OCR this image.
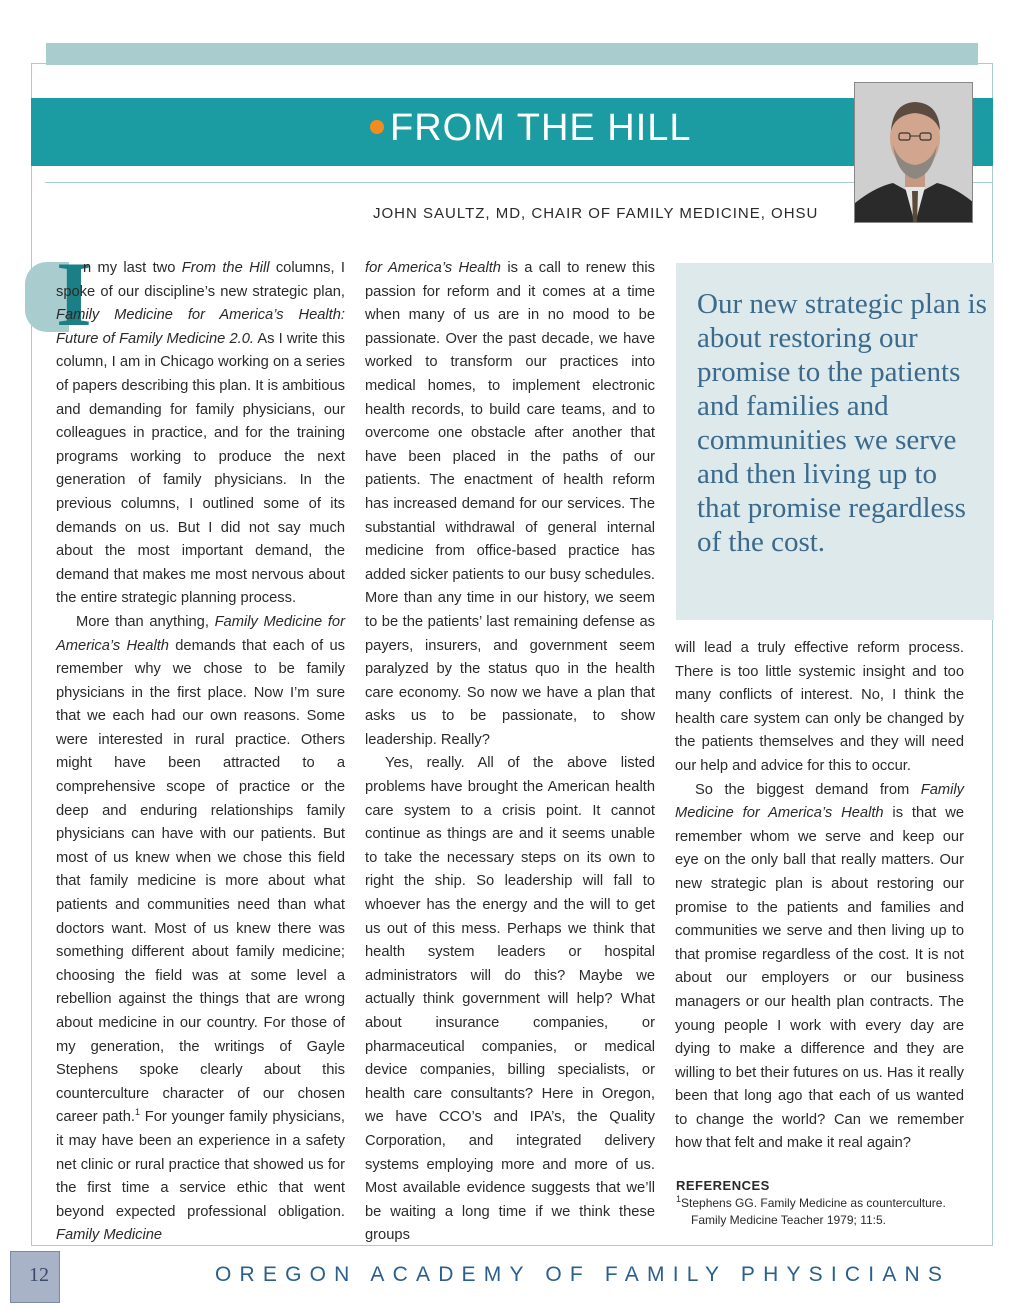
FROM THE HILL
JOHN SAULTZ, MD, CHAIR OF FAMILY MEDICINE, OHSU
I

n my last two From the Hill columns, I spoke of our discipline’s new strategic plan, Family Medicine for America’s Health: Future of Family Medicine 2.0. As I write this column, I am in Chicago working on a series of papers describing this plan. It is ambitious and demanding for family physicians, our colleagues in practice, and for the training programs working to produce the next generation of family physicians. In the previous columns, I outlined some of its demands on us. But I did not say much about the most important demand, the demand that makes me most nervous about the entire strategic planning process.

More than anything, Family Medicine for America’s Health demands that each of us remember why we chose to be family physicians in the first place. Now I’m sure that we each had our own reasons. Some were interested in rural practice. Others might have been attracted to a comprehensive scope of practice or the deep and enduring relationships family physicians can have with our patients. But most of us knew when we chose this field that family medicine is more about what patients and communities need than what doctors want. Most of us knew there was something different about family medicine; choosing the field was at some level a rebellion against the things that are wrong about medicine in our country. For those of my generation, the writings of Gayle Stephens spoke clearly about this counterculture character of our chosen career path.$^1$ For younger family physicians, it may have been an experience in a safety net clinic or rural practice that showed us for the first time a service ethic that went beyond expected professional obligation. Family Medicine

for America’s Health is a call to renew this passion for reform and it comes at a time when many of us are in no mood to be passionate. Over the past decade, we have worked to transform our practices into medical homes, to implement electronic health records, to build care teams, and to overcome one obstacle after another that have been placed in the paths of our patients. The enactment of health reform has increased demand for our services. The substantial withdrawal of general internal medicine from office-based practice has added sicker patients to our busy schedules. More than any time in our history, we seem to be the patients’ last remaining defense as payers, insurers, and government seem paralyzed by the status quo in the health care economy. So now we have a plan that asks us to be passionate, to show leadership. Really?

Yes, really. All of the above listed problems have brought the American health care system to a crisis point. It cannot continue as things are and it seems unable to take the necessary steps on its own to right the ship. So leadership will fall to whoever has the energy and the will to get us out of this mess. Perhaps we think that health system leaders or hospital administrators will do this? Maybe we actually think government will help? What about insurance companies, or pharmaceutical companies, or medical device companies, billing specialists, or health care consultants? Here in Oregon, we have CCO’s and IPA’s, the Quality Corporation, and integrated delivery systems employing more and more of us. Most available evidence suggests that we’ll be waiting a long time if we think these groups

Our new strategic plan is about restoring our promise to the patients and families and communities we serve and then living up to that promise regardless of the cost.

will lead a truly effective reform process. There is too little systemic insight and too many conflicts of interest. No, I think the health care system can only be changed by the patients themselves and they will need our help and advice for this to occur.

So the biggest demand from Family Medicine for America’s Health is that we remember whom we serve and keep our eye on the only ball that really matters. Our new strategic plan is about restoring our promise to the patients and families and communities we serve and then living up to that promise regardless of the cost. It is not about our employers or our business managers or our health plan contracts. The young people I work with every day are dying to make a difference and they are willing to bet their futures on us. Has it really been that long ago that each of us wanted to change the world? Can we remember how that felt and make it real again?

REFERENCES
$^1$Stephens GG. Family Medicine as counterculture.
Family Medicine Teacher 1979; 11:5.
12	OREGON ACADEMY OF FAMILY PHYSICIANS
